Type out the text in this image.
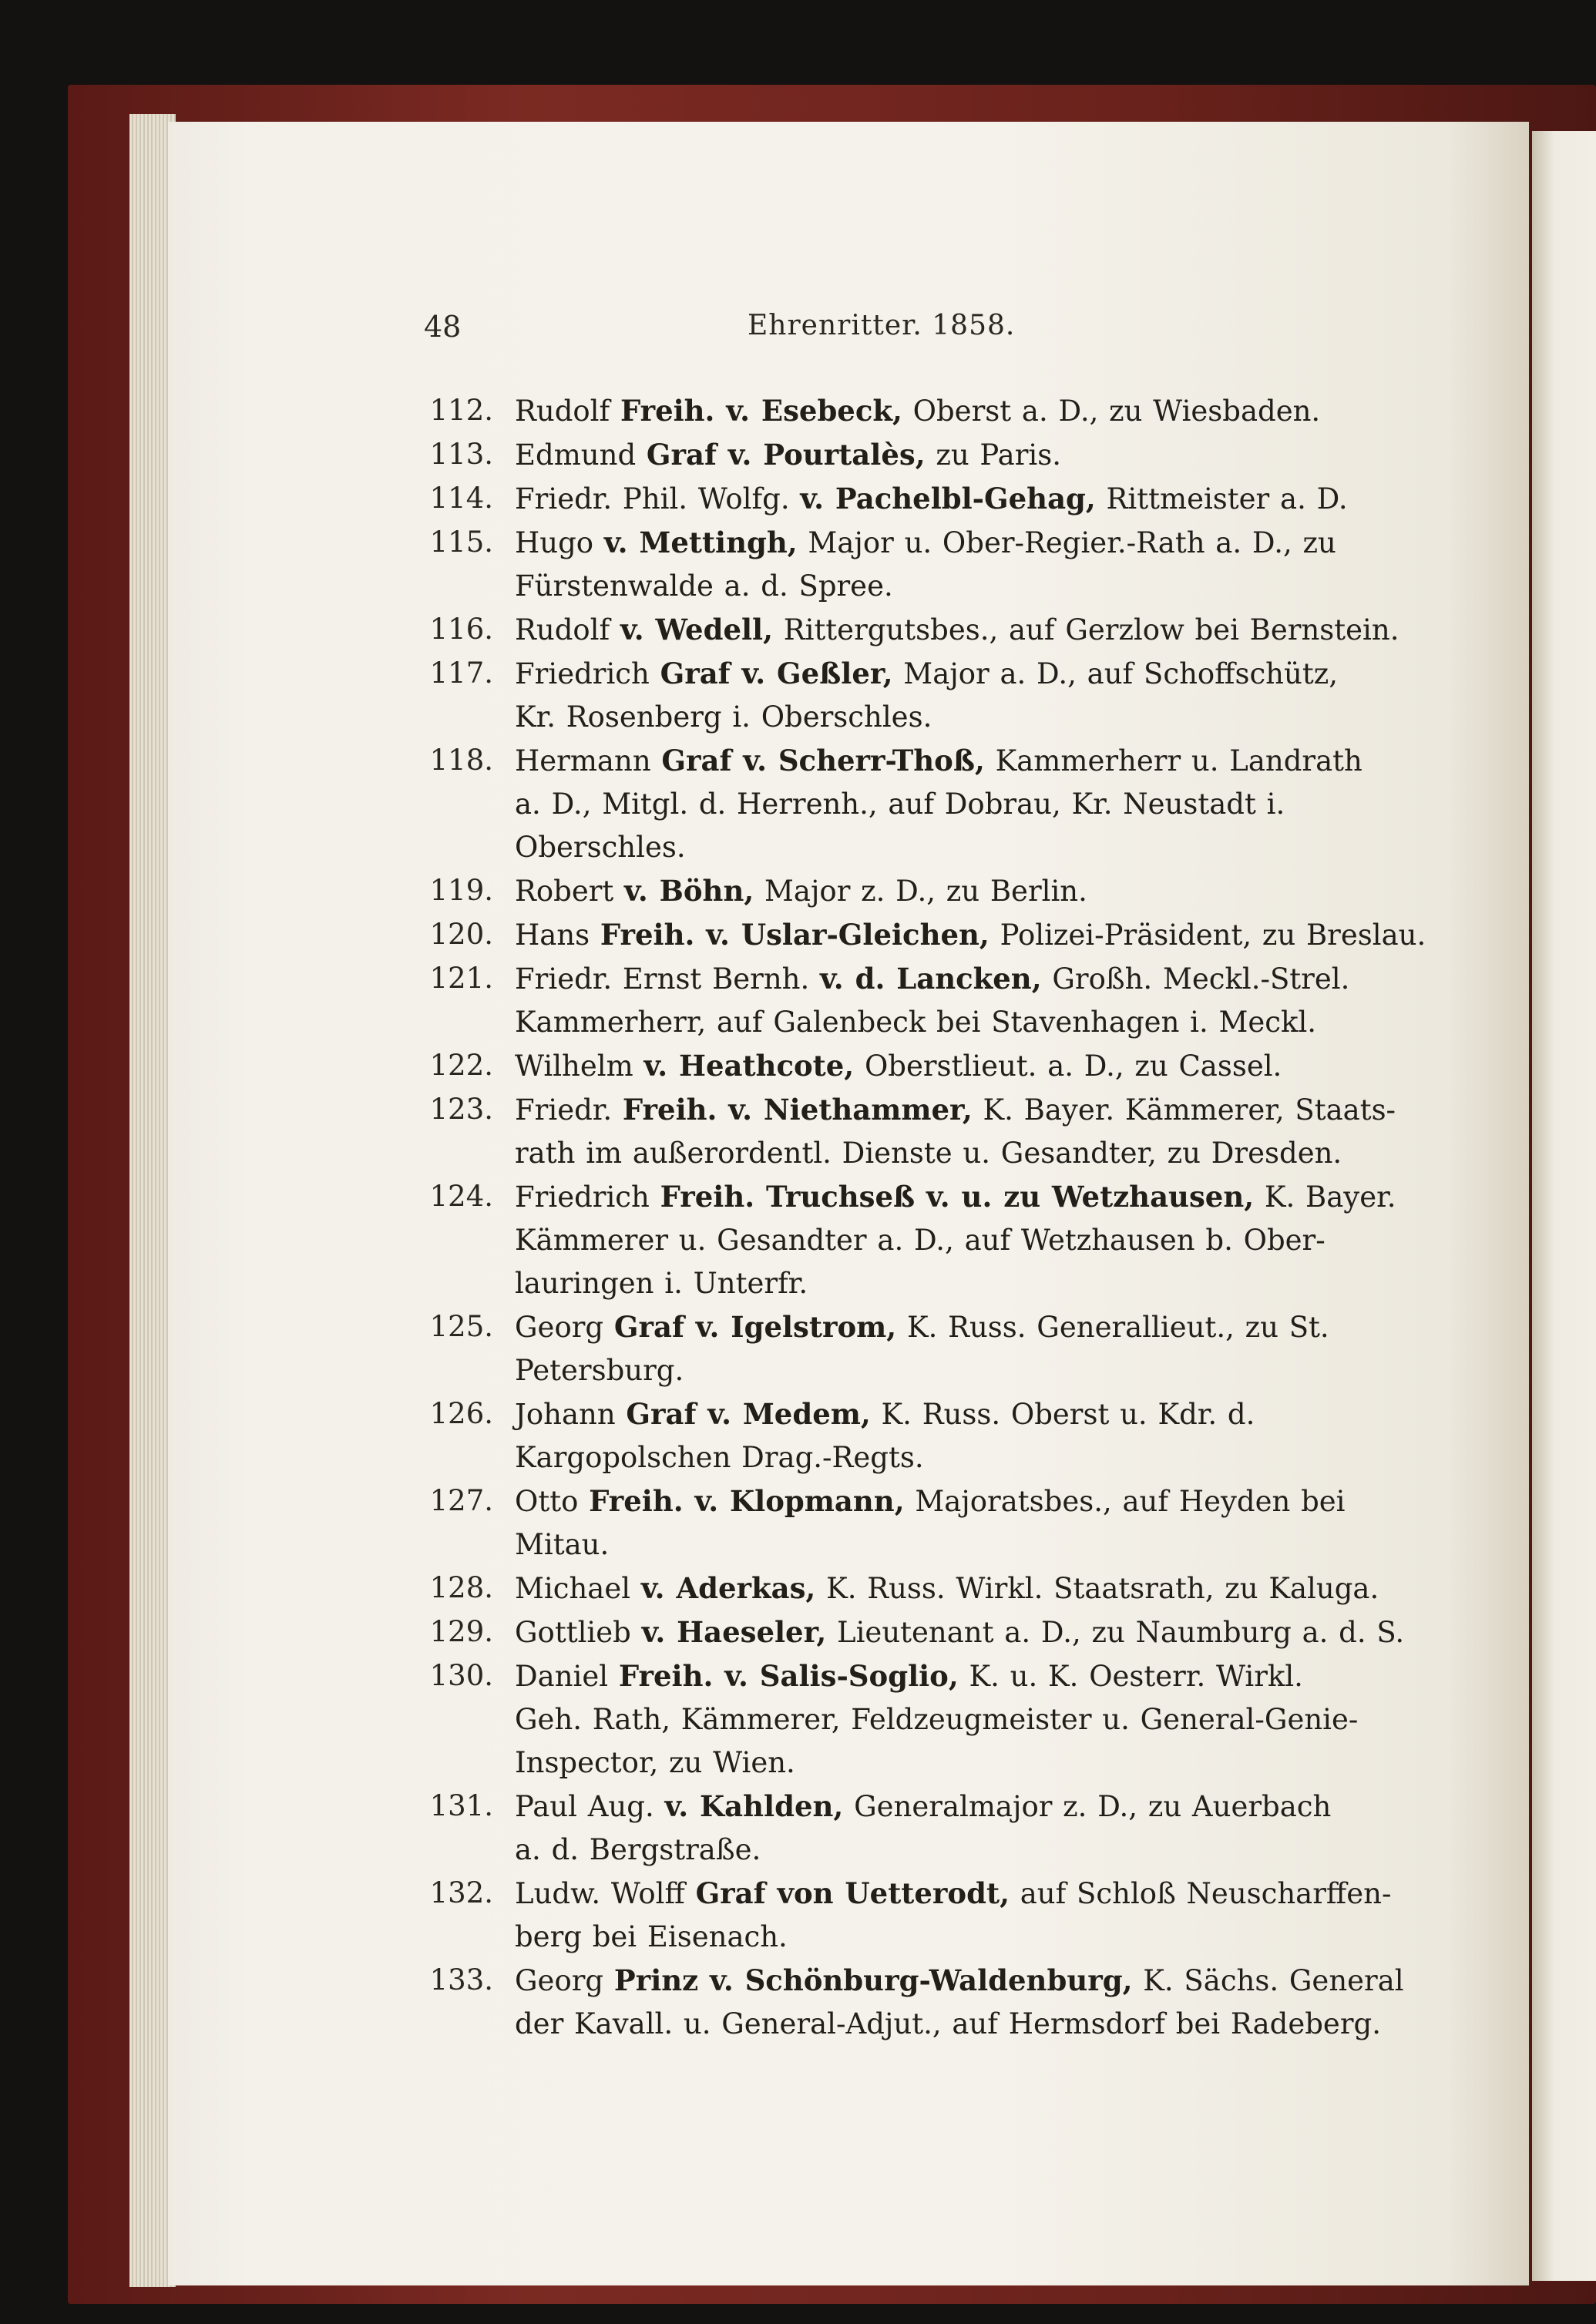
48	Ehrenritter. 1858.
112. Rudolf Freih. v. Esebeck, Oberst a. D., zu Wiesbaden.
113. Edmund Graf v. Pourtalès, zu Paris.
114. Friedr. Phil. Wolfg. v. Pachelbl-Gehag, Rittmeister a. D.
115. Hugo v. Mettingh, Major u. Ober-Regier.-Rath a. D., zu
Fürstenwalde a. d. Spree.
116. Rudolf v. Wedell, Rittergutsbes., auf Gerzlow bei Bernstein.
117. Friedrich Graf v. Geßler, Major a. D., auf Schoffschütz,
Kr. Rosenberg i. Oberschles.
118. Hermann Graf v. Scherr-Thoß, Kammerherr u. Landrath
a. D., Mitgl. d. Herrenh., auf Dobrau, Kr. Neustadt i.
Oberschles.
119. Robert v. Böhn, Major z. D., zu Berlin.
120. Hans Freih. v. Uslar-Gleichen, Polizei-Präsident, zu Breslau.
121. Friedr. Ernst Bernh. v. d. Lancken, Großh. Meckl.-Strel.
Kammerherr, auf Galenbeck bei Stavenhagen i. Meckl.
122. Wilhelm v. Heathcote, Oberstlieut. a. D., zu Cassel.
123. Friedr. Freih. v. Niethammer, K. Bayer. Kämmerer, Staats-
rath im außerordentl. Dienste u. Gesandter, zu Dresden.
124. Friedrich Freih. Truchseß v. u. zu Wetzhausen, K. Bayer.
Kämmerer u. Gesandter a. D., auf Wetzhausen b. Ober-
lauringen i. Unterfr.
125. Georg Graf v. Igelstrom, K. Russ. Generallieut., zu St.
Petersburg.
126. Johann Graf v. Medem, K. Russ. Oberst u. Kdr. d.
Kargopolschen Drag.-Regts.
127. Otto Freih. v. Klopmann, Majoratsbes., auf Heyden bei
Mitau.
128. Michael v. Aderkas, K. Russ. Wirkl. Staatsrath, zu Kaluga.
129. Gottlieb v. Haeseler, Lieutenant a. D., zu Naumburg a. d. S.
130. Daniel Freih. v. Salis-Soglio, K. u. K. Oesterr. Wirkl.
Geh. Rath, Kämmerer, Feldzeugmeister u. General-Genie-
Inspector, zu Wien.
131. Paul Aug. v. Kahlden, Generalmajor z. D., zu Auerbach
a. d. Bergstraße.
132. Ludw. Wolff Graf von Uetterodt, auf Schloß Neuscharffen-
berg bei Eisenach.
133. Georg Prinz v. Schönburg-Waldenburg, K. Sächs. General
der Kavall. u. General-Adjut., auf Hermsdorf bei Radeberg.
